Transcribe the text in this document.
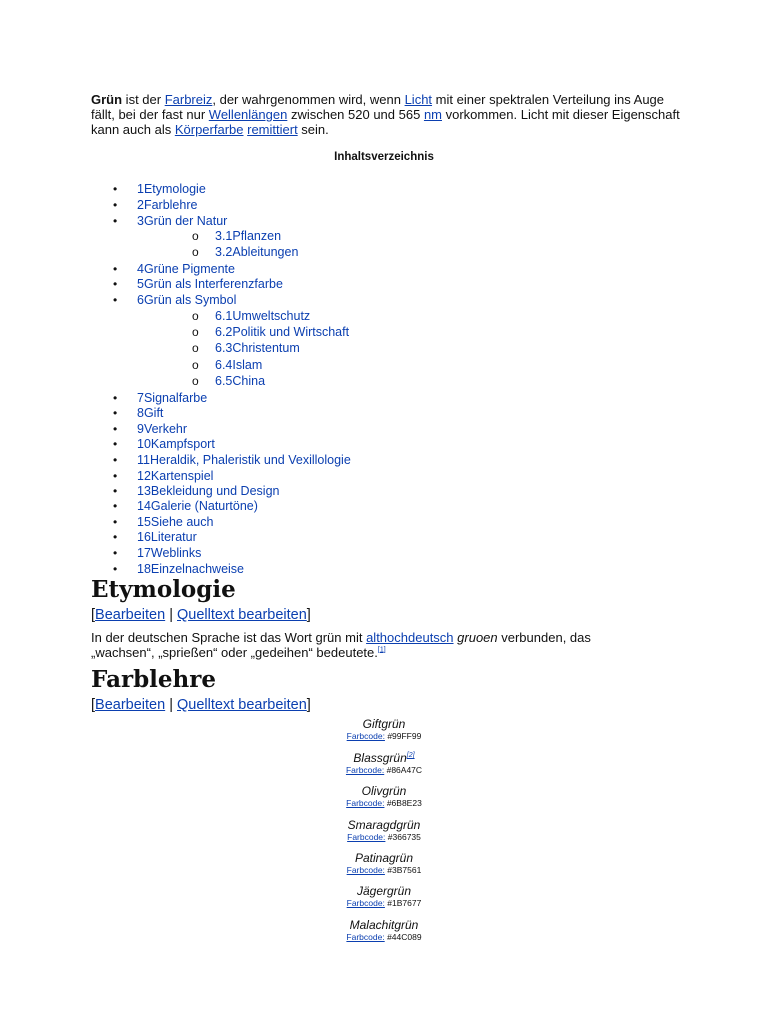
Grün ist der Farbreiz, der wahrgenommen wird, wenn Licht mit einer spektralen Verteilung ins Auge fällt, bei der fast nur Wellenlängen zwischen 520 und 565 nm vorkommen. Licht mit dieser Eigenschaft kann auch als Körperfarbe remittiert sein.
Inhaltsverzeichnis
• 1Etymologie
• 2Farblehre
• 3Grün der Natur
o 3.1Pflanzen
o 3.2Ableitungen
• 4Grüne Pigmente
• 5Grün als Interferenzfarbe
• 6Grün als Symbol
o 6.1Umweltschutz
o 6.2Politik und Wirtschaft
o 6.3Christentum
o 6.4Islam
o 6.5China
• 7Signalfarbe
• 8Gift
• 9Verkehr
• 10Kampfsport
• 11Heraldik, Phaleristik und Vexillologie
• 12Kartenspiel
• 13Bekleidung und Design
• 14Galerie (Naturtöne)
• 15Siehe auch
• 16Literatur
• 17Weblinks
• 18Einzelnachweise
Etymologie
[Bearbeiten | Quelltext bearbeiten]
In der deutschen Sprache ist das Wort grün mit althochdeutsch gruoen verbunden, das „wachsen“, „sprießen“ oder „gedeihen“ bedeutete.[1]
Farblehre
[Bearbeiten | Quelltext bearbeiten]
Giftgrün
Farbcode: #99FF99
Blassgrün[2]
Farbcode: #86A47C
Olivgrün
Farbcode: #6B8E23
Smaragdgrün
Farbcode: #366735
Patinagrün
Farbcode: #3B7561
Jägergrün
Farbcode: #1B7677
Malachitgrün
Farbcode: #44C089
